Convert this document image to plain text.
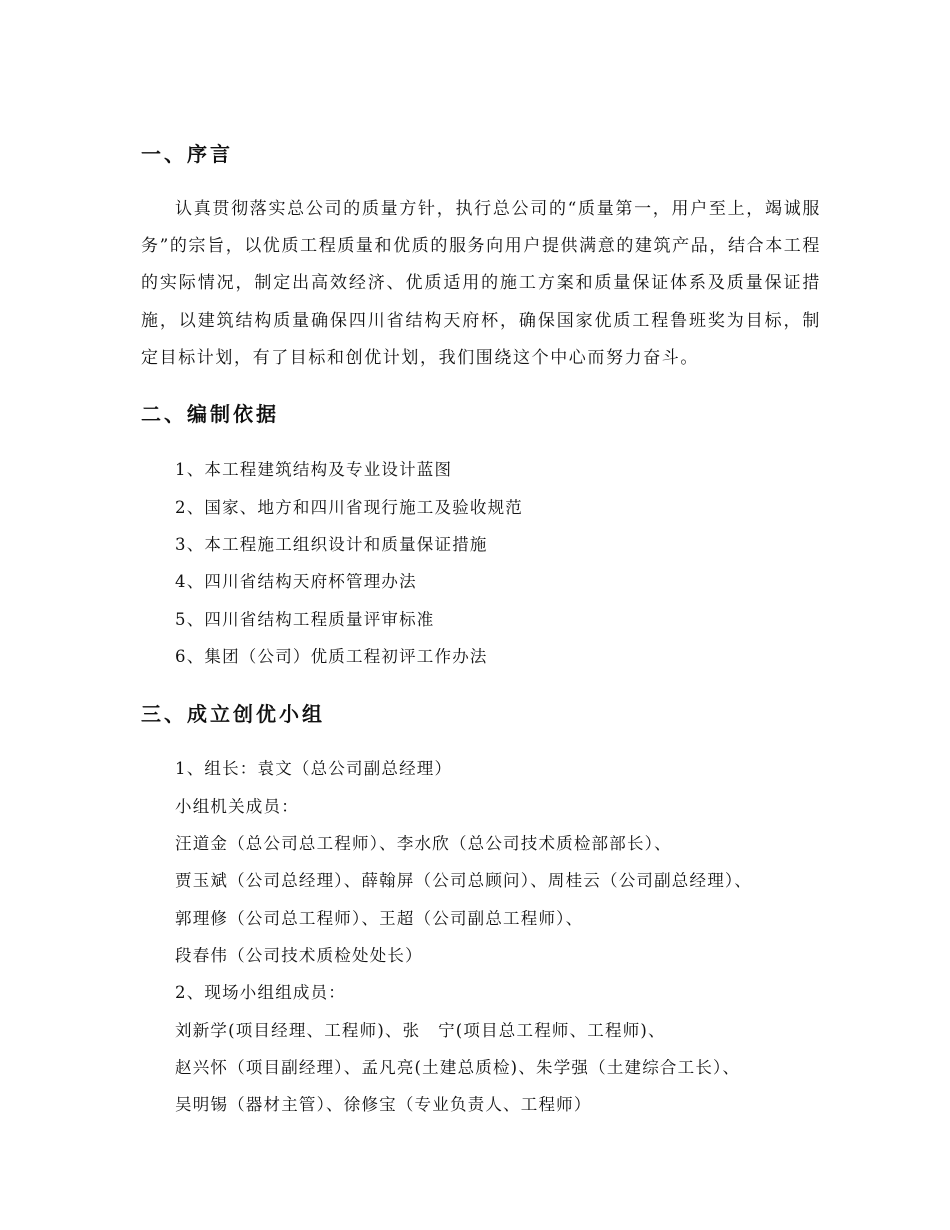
一、序言

认真贯彻落实总公司的质量方针，执行总公司的“质量第一，用户至上，竭诚服务”的宗旨，以优质工程质量和优质的服务向用户提供满意的建筑产品，结合本工程的实际情况，制定出高效经济、优质适用的施工方案和质量保证体系及质量保证措施，以建筑结构质量确保四川省结构天府杯，确保国家优质工程鲁班奖为目标，制定目标计划，有了目标和创优计划，我们围绕这个中心而努力奋斗。

二、编制依据

1、本工程建筑结构及专业设计蓝图

2、国家、地方和四川省现行施工及验收规范

3、本工程施工组织设计和质量保证措施

4、四川省结构天府杯管理办法

5、四川省结构工程质量评审标准

6、集团（公司）优质工程初评工作办法

三、成立创优小组

1、组长：袁文（总公司副总经理）

小组机关成员：

汪道金（总公司总工程师）、李水欣（总公司技术质检部部长）、

贾玉斌（公司总经理）、薛翰屏（公司总顾问）、周桂云（公司副总经理）、

郭理修（公司总工程师）、王超（公司副总工程师）、

段春伟（公司技术质检处处长）

2、现场小组组成员：

刘新学(项目经理、工程师)、张　宁(项目总工程师、工程师)、

赵兴怀（项目副经理）、孟凡亮(土建总质检)、朱学强（土建综合工长）、

吴明锡（器材主管）、徐修宝（专业负责人、工程师）
